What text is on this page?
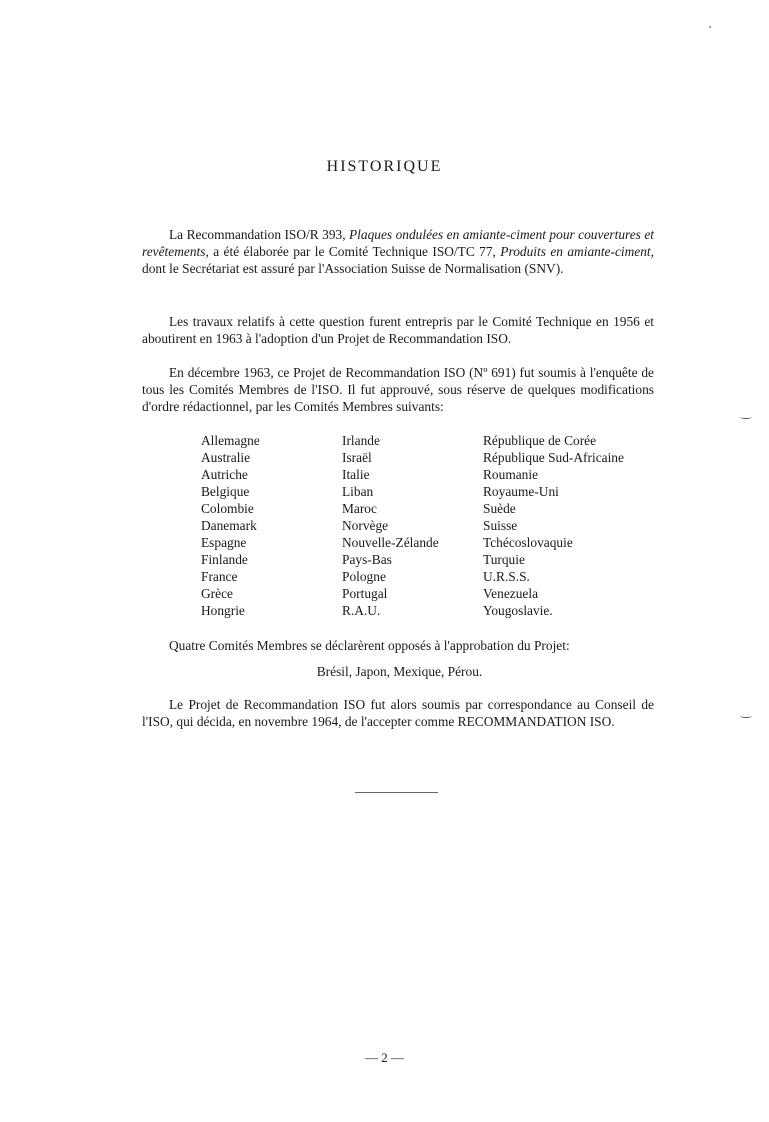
HISTORIQUE

La Recommandation ISO/R 393, Plaques ondulées en amiante-ciment pour couvertures et revêtements, a été élaborée par le Comité Technique ISO/TC 77, Produits en amiante-ciment, dont le Secrétariat est assuré par l'Association Suisse de Normalisation (SNV).

Les travaux relatifs à cette question furent entrepris par le Comité Technique en 1956 et aboutirent en 1963 à l'adoption d'un Projet de Recommandation ISO.

En décembre 1963, ce Projet de Recommandation ISO (Nº 691) fut soumis à l'enquête de tous les Comités Membres de l'ISO. Il fut approuvé, sous réserve de quelques modifications d'ordre rédactionnel, par les Comités Membres suivants:

Allemagne
Australie
Autriche
Belgique
Colombie
Danemark
Espagne
Finlande
France
Grèce
Hongrie
Irlande
Israël
Italie
Liban
Maroc
Norvège
Nouvelle-Zélande
Pays-Bas
Pologne
Portugal
R.A.U.
République de Corée
République Sud-Africaine
Roumanie
Royaume-Uni
Suède
Suisse
Tchécoslovaquie
Turquie
U.R.S.S.
Venezuela
Yougoslavie.

Quatre Comités Membres se déclarèrent opposés à l'approbation du Projet:

Brésil, Japon, Mexique, Pérou.

Le Projet de Recommandation ISO fut alors soumis par correspondance au Conseil de l'ISO, qui décida, en novembre 1964, de l'accepter comme RECOMMANDATION ISO.

— 2 —
